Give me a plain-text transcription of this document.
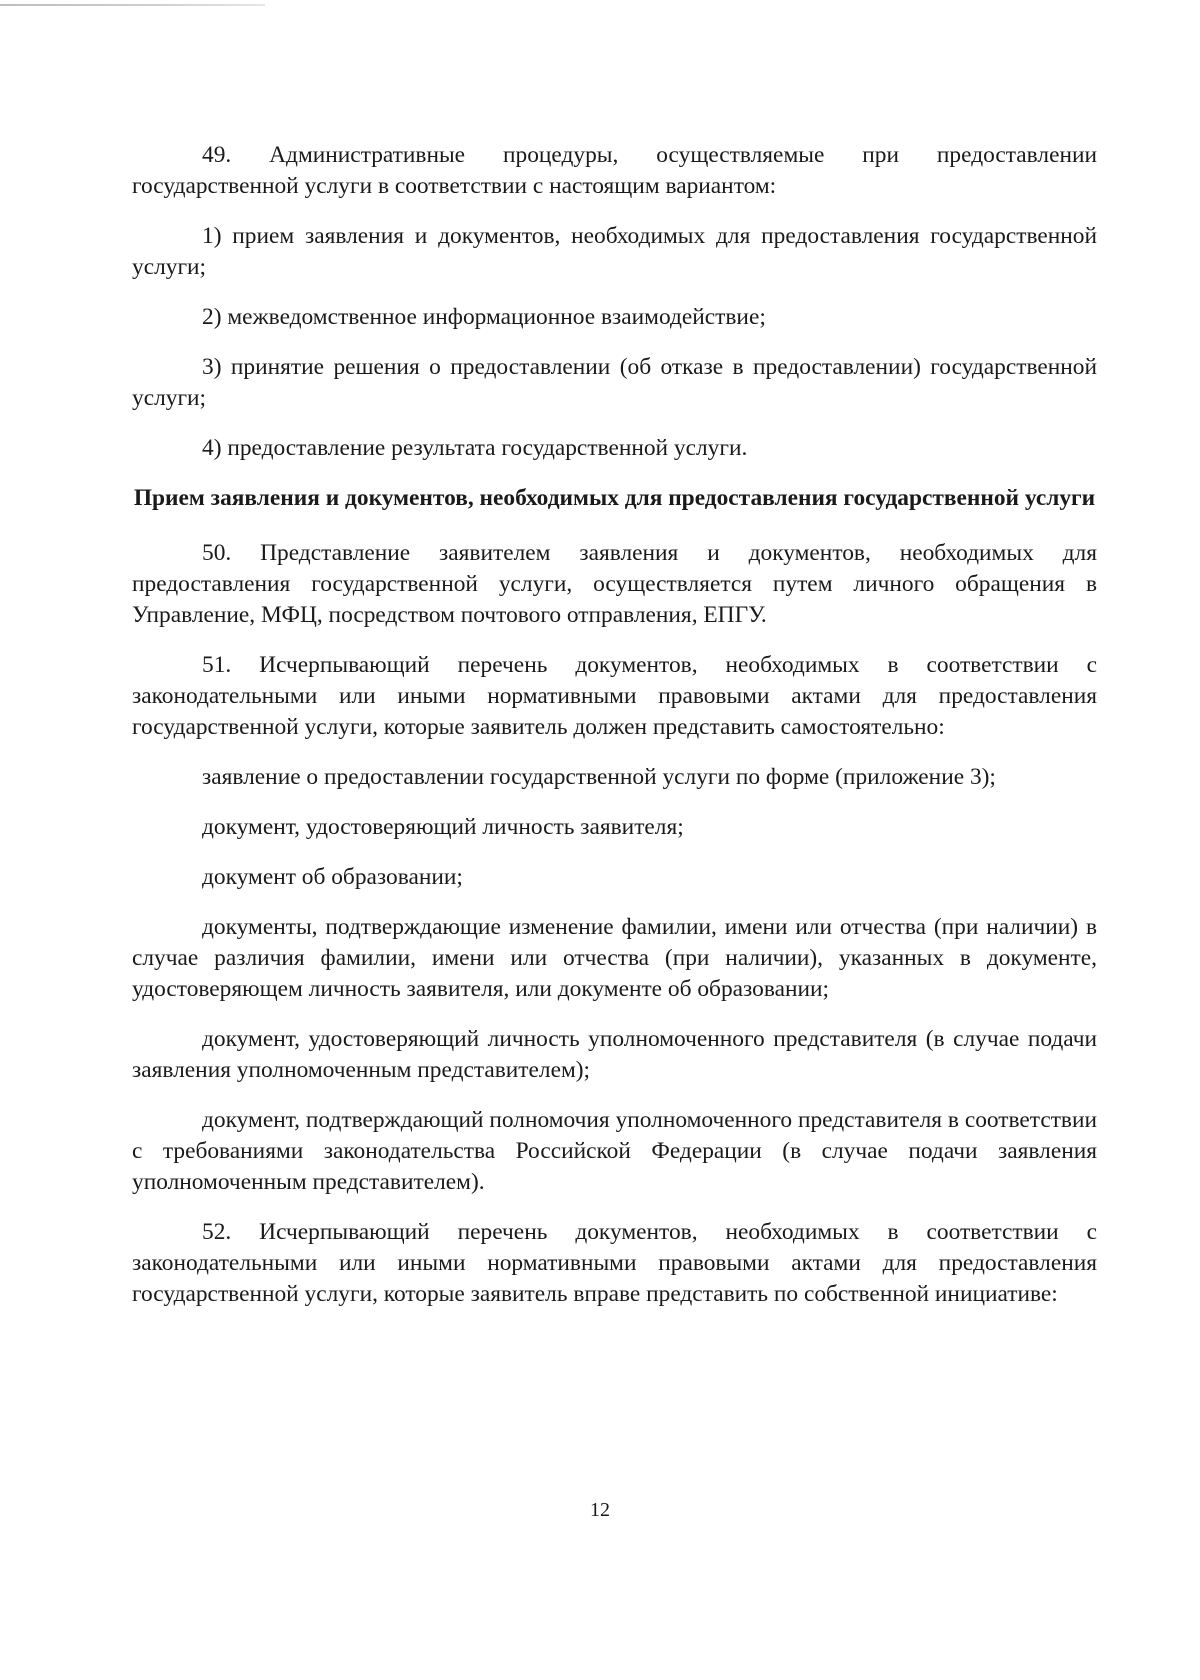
49. Административные процедуры, осуществляемые при предоставлении государственной услуги в соответствии с настоящим вариантом:

1) прием заявления и документов, необходимых для предоставления государственной услуги;

2) межведомственное информационное взаимодействие;

3) принятие решения о предоставлении (об отказе в предоставлении) государственной услуги;

4) предоставление результата государственной услуги.

Прием заявления и документов, необходимых для предоставления государственной услуги

50. Представление заявителем заявления и документов, необходимых для предоставления государственной услуги, осуществляется путем личного обращения в Управление, МФЦ, посредством почтового отправления, ЕПГУ.

51. Исчерпывающий перечень документов, необходимых в соответствии с законодательными или иными нормативными правовыми актами для предоставления государственной услуги, которые заявитель должен представить самостоятельно:

заявление о предоставлении государственной услуги по форме (приложение 3);

документ, удостоверяющий личность заявителя;

документ об образовании;

документы, подтверждающие изменение фамилии, имени или отчества (при наличии) в случае различия фамилии, имени или отчества (при наличии), указанных в документе, удостоверяющем личность заявителя, или документе об образовании;

документ, удостоверяющий личность уполномоченного представителя (в случае подачи заявления уполномоченным представителем);

документ, подтверждающий полномочия уполномоченного представителя в соответствии с требованиями законодательства Российской Федерации (в случае подачи заявления уполномоченным представителем).

52. Исчерпывающий перечень документов, необходимых в соответствии с законодательными или иными нормативными правовыми актами для предоставления государственной услуги, которые заявитель вправе представить по собственной инициативе:

12
